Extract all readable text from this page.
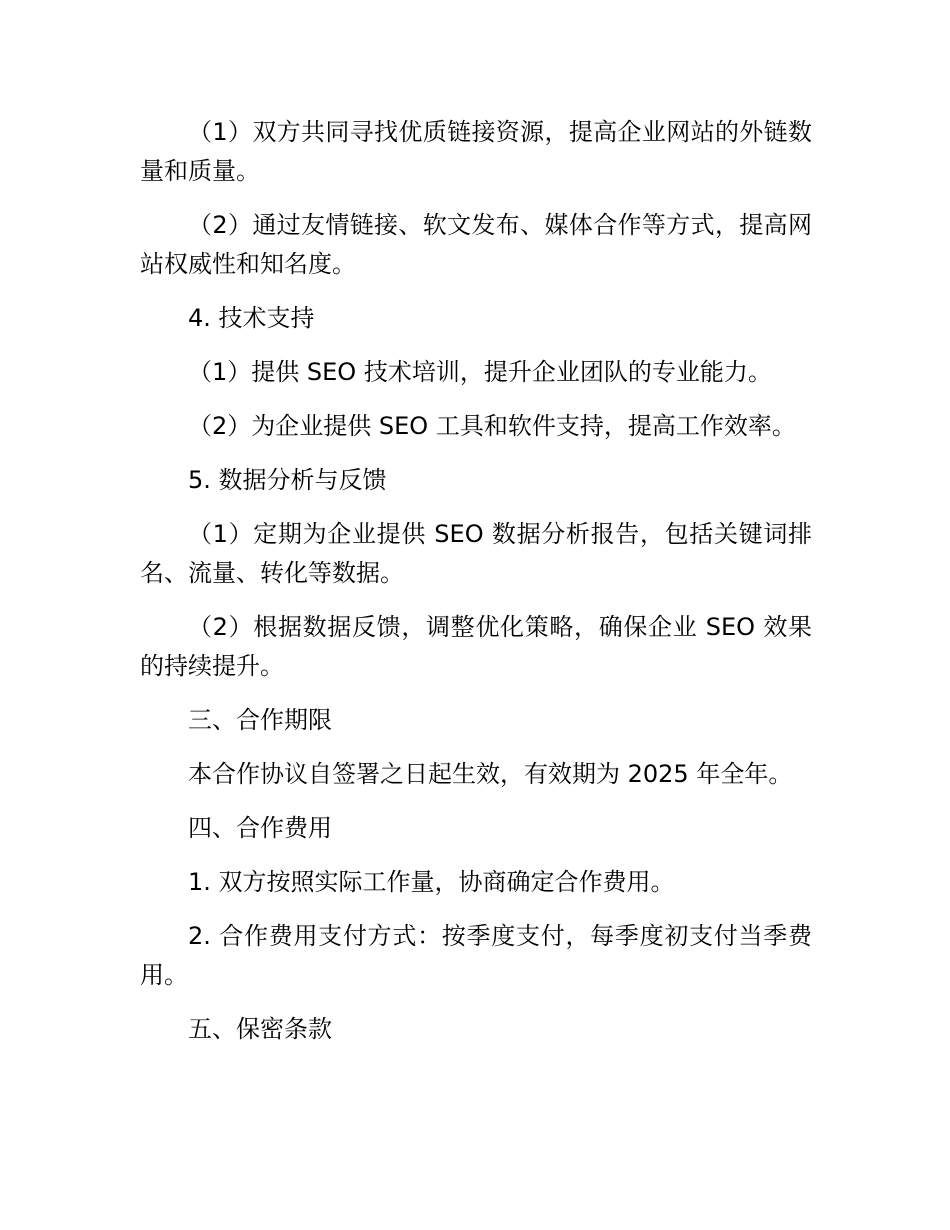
（1）双方共同寻找优质链接资源，提高企业网站的外链数量和质量。

（2）通过友情链接、软文发布、媒体合作等方式，提高网站权威性和知名度。

4. 技术支持

（1）提供 SEO 技术培训，提升企业团队的专业能力。

（2）为企业提供 SEO 工具和软件支持，提高工作效率。

5. 数据分析与反馈

（1）定期为企业提供 SEO 数据分析报告，包括关键词排名、流量、转化等数据。

（2）根据数据反馈，调整优化策略，确保企业 SEO 效果的持续提升。

三、合作期限

本合作协议自签署之日起生效，有效期为 2025 年全年。

四、合作费用

1. 双方按照实际工作量，协商确定合作费用。

2. 合作费用支付方式：按季度支付，每季度初支付当季费用。

五、保密条款
